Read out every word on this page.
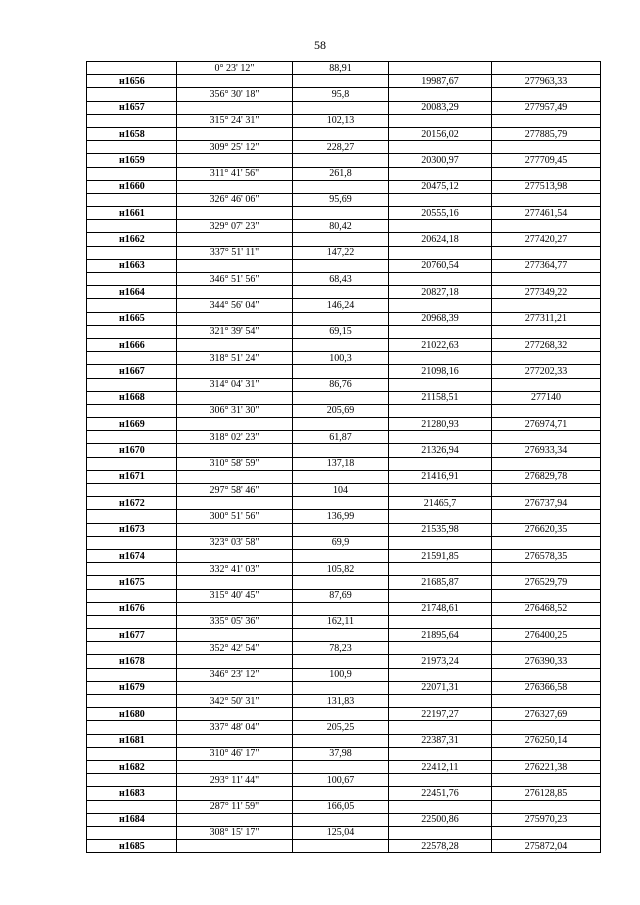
58
	0° 23' 12"	88,91		
н1656			19987,67	277963,33
	356° 30' 18"	95,8		
н1657			20083,29	277957,49
	315° 24' 31"	102,13		
н1658			20156,02	277885,79
	309° 25' 12"	228,27		
н1659			20300,97	277709,45
	311° 41' 56"	261,8		
н1660			20475,12	277513,98
	326° 46' 06"	95,69		
н1661			20555,16	277461,54
	329° 07' 23"	80,42		
н1662			20624,18	277420,27
	337° 51' 11"	147,22		
н1663			20760,54	277364,77
	346° 51' 56"	68,43		
н1664			20827,18	277349,22
	344° 56' 04"	146,24		
н1665			20968,39	277311,21
	321° 39' 54"	69,15		
н1666			21022,63	277268,32
	318° 51' 24"	100,3		
н1667			21098,16	277202,33
	314° 04' 31"	86,76		
н1668			21158,51	277140
	306° 31' 30"	205,69		
н1669			21280,93	276974,71
	318° 02' 23"	61,87		
н1670			21326,94	276933,34
	310° 58' 59"	137,18		
н1671			21416,91	276829,78
	297° 58' 46"	104		
н1672			21465,7	276737,94
	300° 51' 56"	136,99		
н1673			21535,98	276620,35
	323° 03' 58"	69,9		
н1674			21591,85	276578,35
	332° 41' 03"	105,82		
н1675			21685,87	276529,79
	315° 40' 45"	87,69		
н1676			21748,61	276468,52
	335° 05' 36"	162,11		
н1677			21895,64	276400,25
	352° 42' 54"	78,23		
н1678			21973,24	276390,33
	346° 23' 12"	100,9		
н1679			22071,31	276366,58
	342° 50' 31"	131,83		
н1680			22197,27	276327,69
	337° 48' 04"	205,25		
н1681			22387,31	276250,14
	310° 46' 17"	37,98		
н1682			22412,11	276221,38
	293° 11' 44"	100,67		
н1683			22451,76	276128,85
	287° 11' 59"	166,05		
н1684			22500,86	275970,23
	308° 15' 17"	125,04		
н1685			22578,28	275872,04
